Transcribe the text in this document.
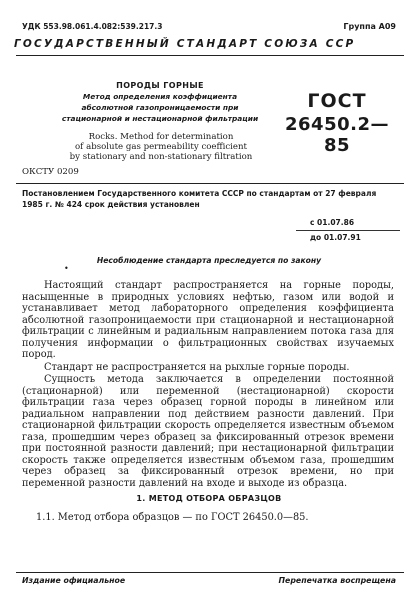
УДК 553.98.061.4.082:539.217.3	Группа А09
ГОСУДАРСТВЕННЫЙ СТАНДАРТ СОЮЗА ССР
ПОРОДЫ ГОРНЫЕ
Метод определения коэффициента
абсолютной газопроницаемости при
стационарной и нестационарной фильтрации
Rocks. Method for determination
of absolute gas permeability coefficient
by stationary and non-stationary filtration
ОКСТУ 0209
ГОСТ
26450.2—85
Постановлением Государственного комитета СССР по стандартам от 27 февраля 1985 г. № 424 срок действия установлен
с 01.07.86
до 01.07.91
•
Несоблюдение стандарта преследуется по закону

Настоящий стандарт распространяется на горные породы, насыщенные в природных условиях нефтью, газом или водой и устанавливает метод лабораторного определения коэффициента абсолютной газопроницаемости при стационарной и нестационарной фильтрации с линейным и радиальным направлением потока газа для получения информации о фильтрационных свойствах изучаемых пород.

Стандарт не распространяется на рыхлые горные породы.

Сущность метода заключается в определении постоянной (стационарной) или переменной (нестационарной) скорости фильтрации газа через образец горной породы в линейном или радиальном направлении под действием разности давлений. При стационарной фильтрации скорость определяется известным объемом газа, прошедшим через образец за фиксированный отрезок времени при постоянной разности давлений; при нестационарной фильтрации скорость также определяется известным объемом газа, прошедшим через образец за фиксированный отрезок времени, но при переменной разности давлений на входе и выходе из образца.

1. МЕТОД ОТБОРА ОБРАЗЦОВ
1.1. Метод отбора образцов — по ГОСТ 26450.0—85.
Издание официальное	Перепечатка воспрещена
